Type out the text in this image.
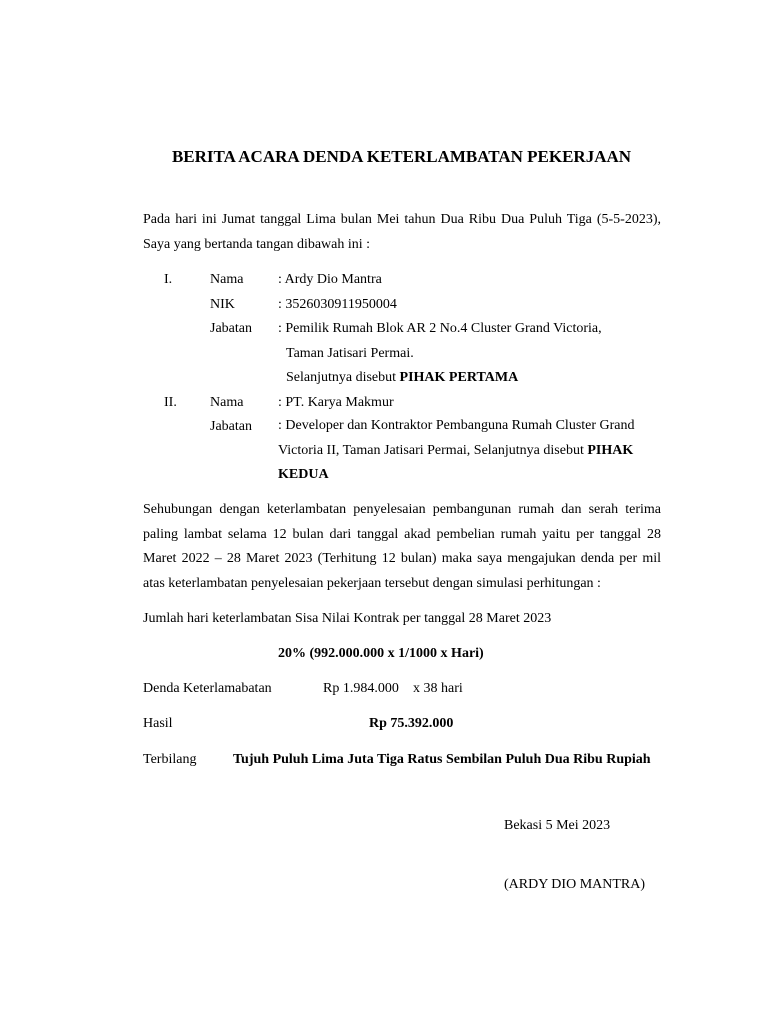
BERITA ACARA DENDA KETERLAMBATAN PEKERJAAN
Pada hari ini Jumat tanggal Lima bulan Mei tahun Dua Ribu Dua Puluh Tiga (5-5-2023), Saya yang bertanda tangan dibawah ini :
I.	Nama : Ardy Dio Mantra
NIK	: 3526030911950004
Jabatan : Pemilik Rumah Blok AR 2 No.4 Cluster Grand Victoria,
Taman Jatisari Permai.
Selanjutnya disebut PIHAK PERTAMA
II. Nama : PT. Karya Makmur
Jabatan : Developer dan Kontraktor Pembanguna Rumah Cluster Grand Victoria II, Taman Jatisari Permai, Selanjutnya disebut PIHAK KEDUA
Sehubungan dengan keterlambatan penyelesaian pembangunan rumah dan serah terima paling lambat selama 12 bulan dari tanggal akad pembelian rumah yaitu per tanggal 28 Maret 2022 – 28 Maret 2023 (Terhitung 12 bulan) maka saya mengajukan denda per mil atas keterlambatan penyelesaian pekerjaan tersebut dengan simulasi perhitungan :
Jumlah hari keterlambatan Sisa Nilai Kontrak per tanggal 28 Maret 2023
20% (992.000.000 x 1/1000 x Hari)
Denda Keterlamabatan	Rp 1.984.000 x 38 hari
Hasil	Rp 75.392.000
Terbilang	Tujuh Puluh Lima Juta Tiga Ratus Sembilan Puluh Dua Ribu Rupiah
Bekasi 5 Mei 2023
(ARDY DIO MANTRA)
